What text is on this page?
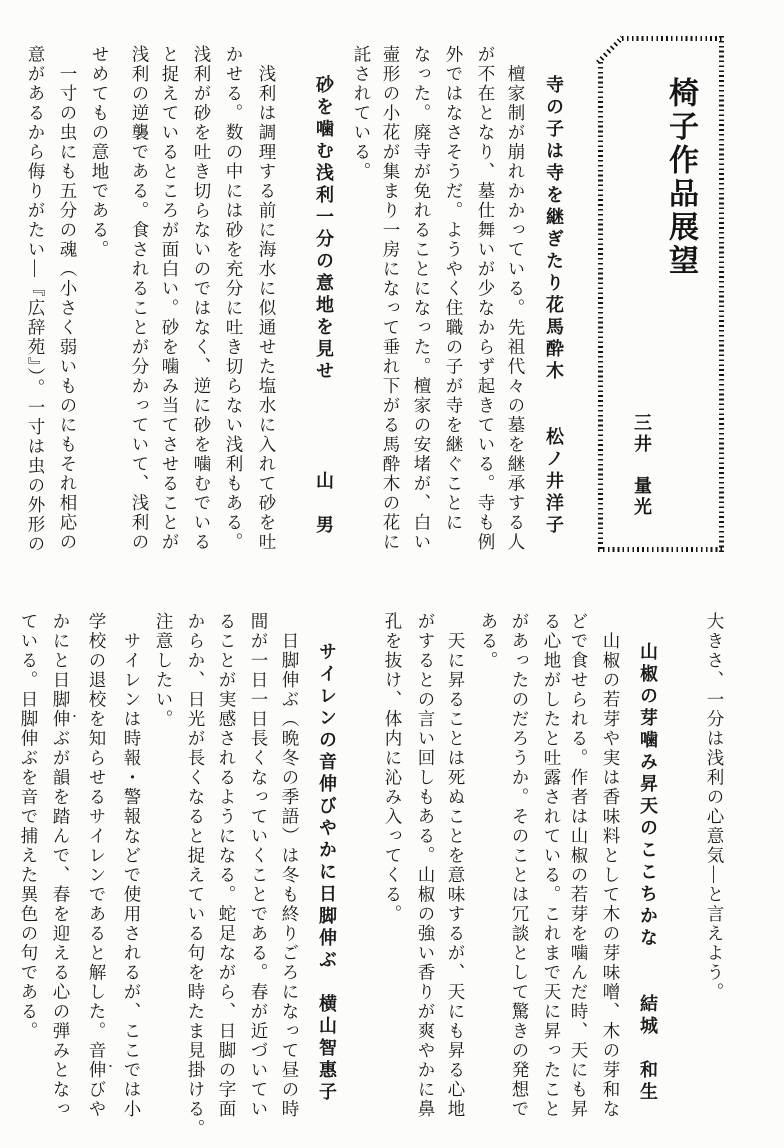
椅子作品展望
三井　量光
寺の子は寺を継ぎたり花馬酔木　　松ノ井洋子
　檀家制が崩れかかっている。先祖代々の墓を継承する人
が不在となり、墓仕舞いが少なからず起きている。寺も例
外ではなさそうだ。ようやく住職の子が寺を継ぐことに
なった。廃寺が免れることになった。檀家の安堵が、白い
壷形の小花が集まり一房になって垂れ下がる馬酔木の花に
託されている。
砂を噛む浅利一分の意地を見せ　　　　山　男
　浅利は調理する前に海水に似通せた塩水に入れて砂を吐
かせる。数の中には砂を充分に吐き切らない浅利もある。
浅利が砂を吐き切らないのではなく、逆に砂を噛むでいる
と捉えているところが面白い。砂を噛み当てさせることが
浅利の逆襲である。食されることが分かっていて、浅利の
せめてもの意地である。
　一寸の虫にも五分の魂（小さく弱いものにもそれ相応の
意があるから侮りがたい―『広辞苑』）。一寸は虫の外形の
大きさ、一分は浅利の心意気―と言えよう。
山椒の芽噛み昇天のここちかな　　結城　和生
　山椒の若芽や実は香味料として木の芽味噌、木の芽和な
どで食せられる。作者は山椒の若芽を噛んだ時、天にも昇
る心地がしたと吐露されている。これまで天に昇ったこと
があったのだろうか。そのことは冗談として驚きの発想で
ある。
　天に昇ることは死ぬことを意味するが、天にも昇る心地
がするとの言い回しもある。山椒の強い香りが爽やかに鼻
孔を抜け、体内に沁み入ってくる。
サイレンの音伸びやかに日脚伸ぶ　横山智惠子
　日脚伸ぶ（晩冬の季語）は冬も終りごろになって昼の時
間が一日一日長くなっていくことである。春が近づいてい
ることが実感されるようになる。蛇足ながら、日脚の字面
からか、日光が長くなると捉えている句を時たま見掛ける。
注意したい。
　サイレンは時報・警報などで使用されるが、ここでは小
学校の退校を知らせるサイレンであると解した。音伸びや
かにと日脚伸ぶが韻を踏んで、春を迎える心の弾みとなっ
ている。日脚伸ぶを音で捕えた異色の句である。
・
・
